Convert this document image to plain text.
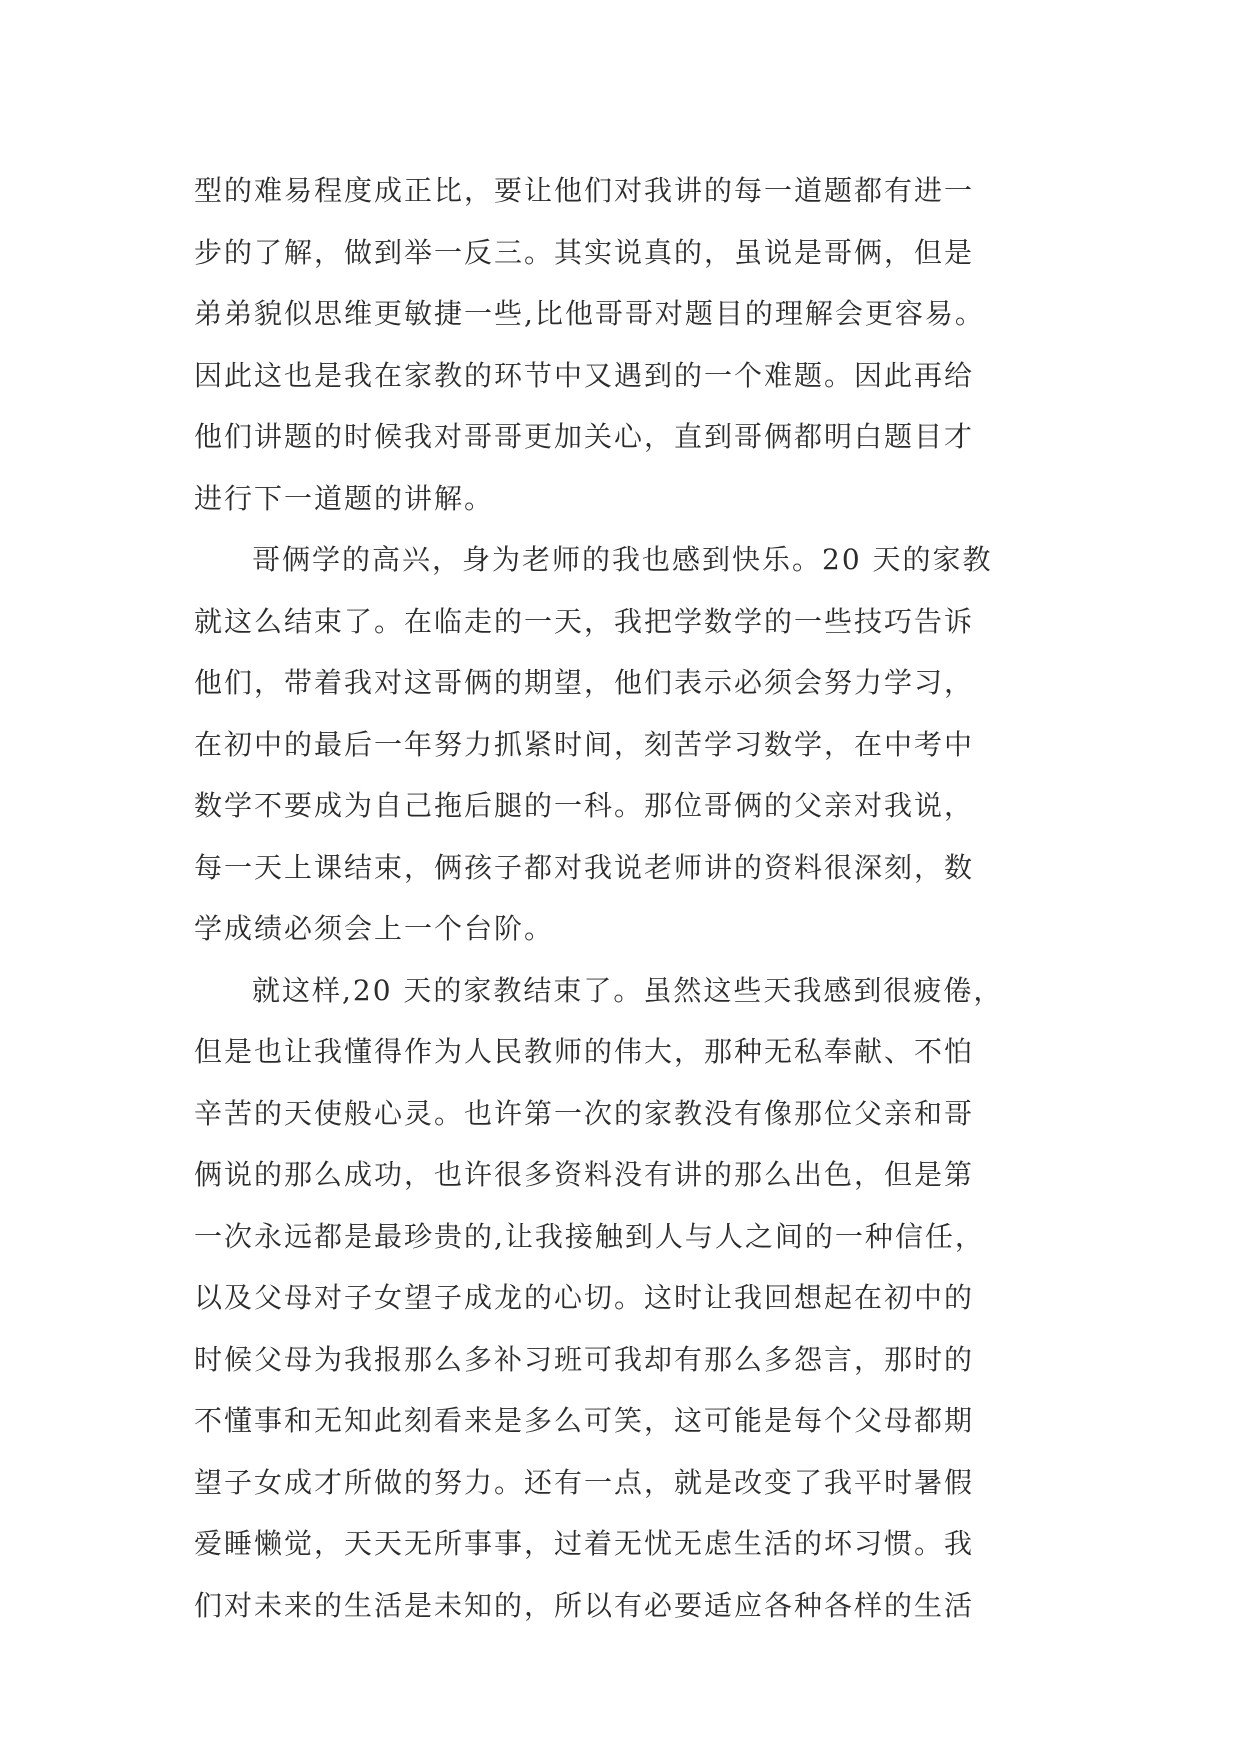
型的难易程度成正比，要让他们对我讲的每一道题都有进一
步的了解，做到举一反三。其实说真的，虽说是哥俩，但是
弟弟貌似思维更敏捷一些,比他哥哥对题目的理解会更容易。
因此这也是我在家教的环节中又遇到的一个难题。因此再给
他们讲题的时候我对哥哥更加关心，直到哥俩都明白题目才
进行下一道题的讲解。
哥俩学的高兴，身为老师的我也感到快乐。20 天的家教
就这么结束了。在临走的一天，我把学数学的一些技巧告诉
他们，带着我对这哥俩的期望，他们表示必须会努力学习，
在初中的最后一年努力抓紧时间，刻苦学习数学，在中考中
数学不要成为自己拖后腿的一科。那位哥俩的父亲对我说，
每一天上课结束，俩孩子都对我说老师讲的资料很深刻，数
学成绩必须会上一个台阶。
就这样,20 天的家教结束了。虽然这些天我感到很疲倦，
但是也让我懂得作为人民教师的伟大，那种无私奉献、不怕
辛苦的天使般心灵。也许第一次的家教没有像那位父亲和哥
俩说的那么成功，也许很多资料没有讲的那么出色，但是第
一次永远都是最珍贵的,让我接触到人与人之间的一种信任，
以及父母对子女望子成龙的心切。这时让我回想起在初中的
时候父母为我报那么多补习班可我却有那么多怨言，那时的
不懂事和无知此刻看来是多么可笑，这可能是每个父母都期
望子女成才所做的努力。还有一点，就是改变了我平时暑假
爱睡懒觉，天天无所事事，过着无忧无虑生活的坏习惯。我
们对未来的生活是未知的，所以有必要适应各种各样的生活
